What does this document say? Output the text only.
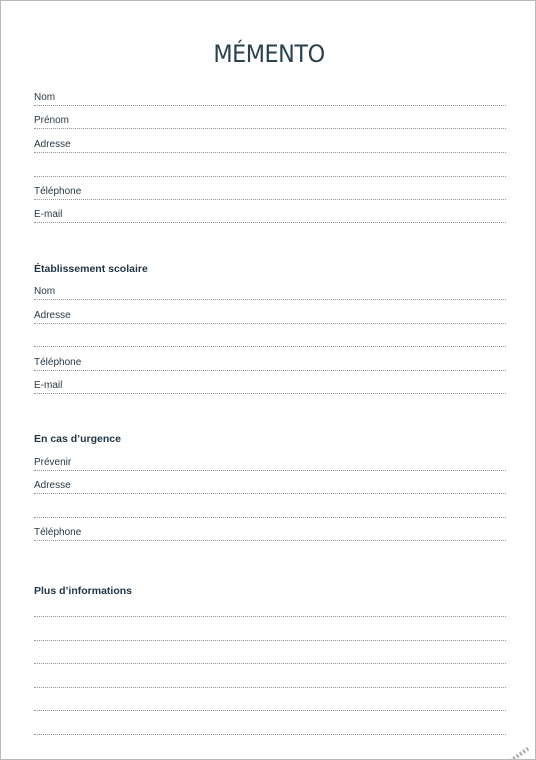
MÉMENTO
Nom
Prénom
Adresse
Téléphone
E-mail
Établissement scolaire
Nom
Adresse
Téléphone
E-mail
En cas d’urgence
Prévenir
Adresse
Téléphone
Plus d’informations
